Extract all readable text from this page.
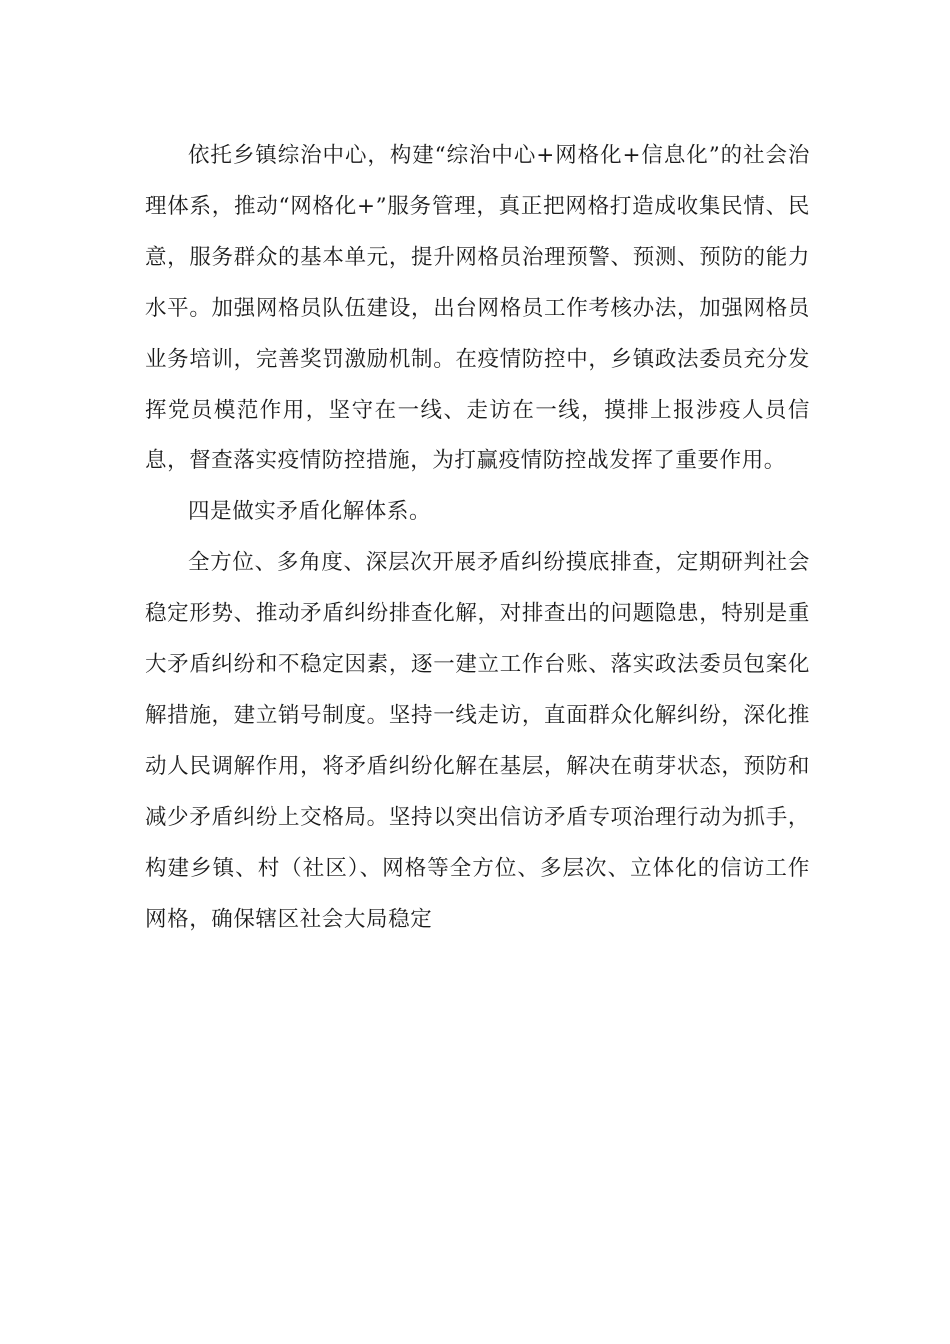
依托乡镇综治中心，构建“综治中心+网格化+信息化”的社会治理体系，推动“网格化+”服务管理，真正把网格打造成收集民情、民意，服务群众的基本单元，提升网格员治理预警、预测、预防的能力水平。加强网格员队伍建设，出台网格员工作考核办法，加强网格员业务培训，完善奖罚激励机制。在疫情防控中，乡镇政法委员充分发挥党员模范作用，坚守在一线、走访在一线，摸排上报涉疫人员信息，督查落实疫情防控措施，为打赢疫情防控战发挥了重要作用。

四是做实矛盾化解体系。

全方位、多角度、深层次开展矛盾纠纷摸底排查，定期研判社会稳定形势、推动矛盾纠纷排查化解，对排查出的问题隐患，特别是重大矛盾纠纷和不稳定因素，逐一建立工作台账、落实政法委员包案化解措施，建立销号制度。坚持一线走访，直面群众化解纠纷，深化推动人民调解作用，将矛盾纠纷化解在基层，解决在萌芽状态，预防和减少矛盾纠纷上交格局。坚持以突出信访矛盾专项治理行动为抓手，构建乡镇、村（社区）、网格等全方位、多层次、立体化的信访工作网格，确保辖区社会大局稳定
